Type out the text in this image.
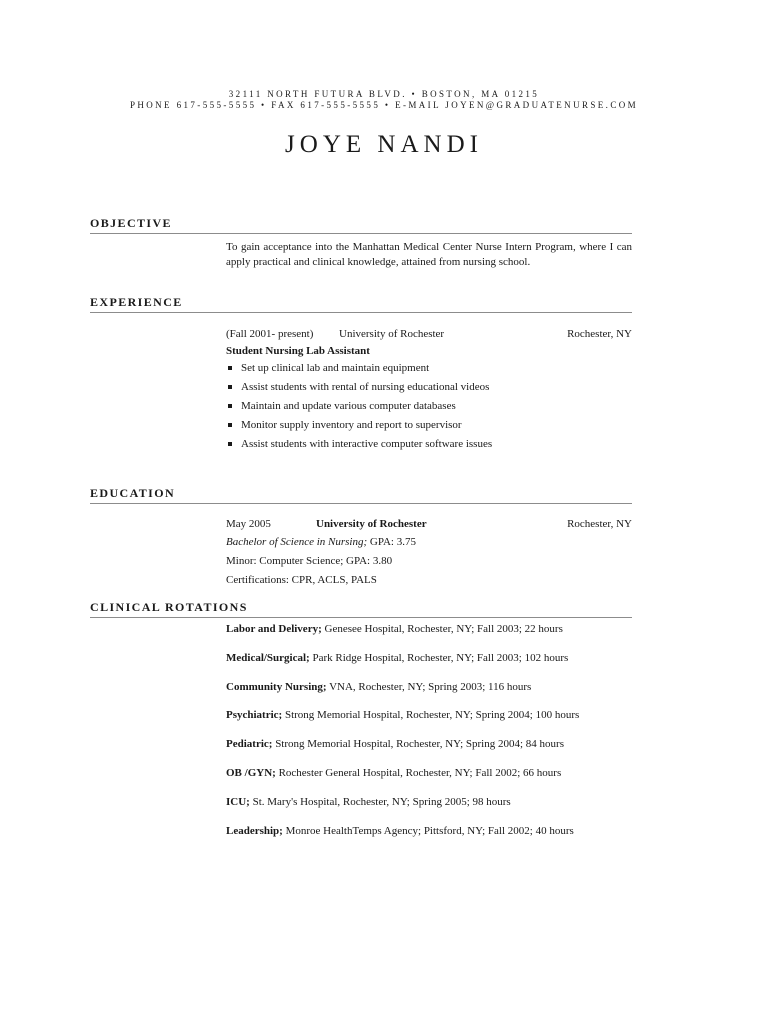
32111 NORTH FUTURA BLVD. • BOSTON, MA 01215
PHONE 617-555-5555 • FAX 617-555-5555 • E-MAIL JOYEN@GRADUATENURSE.COM
JOYE NANDI
OBJECTIVE
To gain acceptance into the Manhattan Medical Center Nurse Intern Program, where I can apply practical and clinical knowledge, attained from nursing school.
EXPERIENCE
(Fall 2001- present) University of Rochester	Rochester, NY
Student Nursing Lab Assistant
Set up clinical lab and maintain equipment
Assist students with rental of nursing educational videos
Maintain and update various computer databases
Monitor supply inventory and report to supervisor
Assist students with interactive computer software issues
EDUCATION
May 2005	University of Rochester	Rochester, NY
Bachelor of Science in Nursing; GPA: 3.75
Minor: Computer Science; GPA: 3.80
Certifications: CPR, ACLS, PALS
CLINICAL ROTATIONS
Labor and Delivery; Genesee Hospital, Rochester, NY; Fall 2003; 22 hours
Medical/Surgical; Park Ridge Hospital, Rochester, NY; Fall 2003; 102 hours
Community Nursing; VNA, Rochester, NY; Spring 2003; 116 hours
Psychiatric; Strong Memorial Hospital, Rochester, NY; Spring 2004; 100 hours
Pediatric; Strong Memorial Hospital, Rochester, NY; Spring 2004; 84 hours
OB /GYN; Rochester General Hospital, Rochester, NY; Fall 2002; 66 hours
ICU; St. Mary's Hospital, Rochester, NY; Spring 2005; 98 hours
Leadership; Monroe HealthTemps Agency; Pittsford, NY; Fall 2002; 40 hours
